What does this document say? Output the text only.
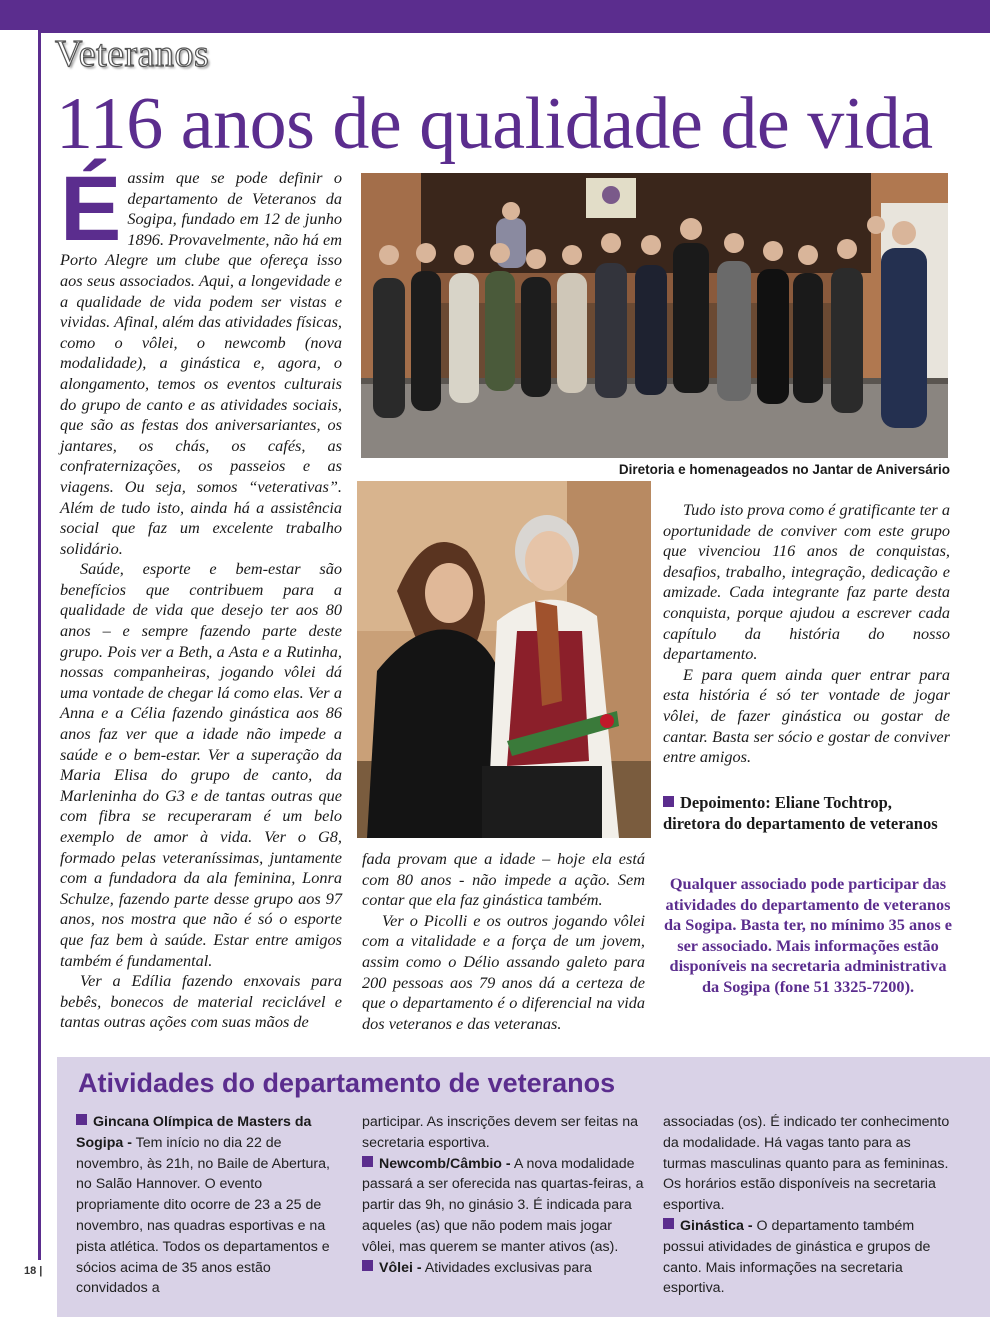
Veteranos
116 anos de qualidade de vida

Éassim que se pode definir o departamento de Veteranos da Sogipa, fundado em 12 de junho 1896. Provavelmente, não há em Porto Alegre um clube que ofereça isso aos seus associados. Aqui, a longevidade e a qualidade de vida podem ser vistas e vividas. Afinal, além das atividades físicas, como o vôlei, o newcomb (nova modalidade), a ginástica e, agora, o alongamento, temos os eventos culturais do grupo de canto e as atividades sociais, que são as festas dos aniversariantes, os jantares, os chás, os cafés, as confraternizações, os passeios e as viagens. Ou seja, somos “veterativas”. Além de tudo isto, ainda há a assistência social que faz um excelente trabalho solidário.

Saúde, esporte e bem-estar são benefícios que contribuem para a qualidade de vida que desejo ter aos 80 anos – e sempre fazendo parte deste grupo. Pois ver a Beth, a Asta e a Rutinha, nossas companheiras, jogando vôlei dá uma vontade de chegar lá como elas. Ver a Anna e a Célia fazendo ginástica aos 86 anos faz ver que a idade não impede a saúde e o bem-estar. Ver a superação da Maria Elisa do grupo de canto, da Marleninha do G3 e de tantas outras que com fibra se recuperaram é um belo exemplo de amor à vida. Ver o G8, formado pelas veteraníssimas, juntamente com a fundadora da ala feminina, Lonra Schulze, fazendo parte desse grupo aos 97 anos, nos mostra que não é só o esporte que faz bem à saúde. Estar entre amigos também é fundamental.

Ver a Edília fazendo enxovais para bebês, bonecos de material reciclável e tantas outras ações com suas mãos de

Diretoria e homenageados no Jantar de Aniversário

fada provam que a idade – hoje ela está com 80 anos - não impede a ação. Sem contar que ela faz ginástica também.

Ver o Picolli e os outros jogando vôlei com a vitalidade e a força de um jovem, assim como o Délio assando galeto para 200 pessoas aos 79 anos dá a certeza de que o departamento é o diferencial na vida dos veteranos e das veteranas.

Tudo isto prova como é gratificante ter a oportunidade de conviver com este grupo que vivenciou 116 anos de conquistas, desafios, trabalho, integração, dedicação e amizade. Cada integrante faz parte desta conquista, porque ajudou a escrever cada capítulo da história do nosso departamento.

E para quem ainda quer entrar para esta história é só ter vontade de jogar vôlei, de fazer ginástica ou gostar de cantar. Basta ser sócio e gostar de conviver entre amigos.

Depoimento: Eliane Tochtrop, diretora do departamento de veteranos
Qualquer associado pode participar das atividades do departamento de veteranos da Sogipa. Basta ter, no mínimo 35 anos e ser associado. Mais informações estão disponíveis na secretaria administrativa da Sogipa (fone 51 3325-7200).
Atividades do departamento de veteranos
Gincana Olímpica de Masters da Sogipa - Tem início no dia 22 de novembro, às 21h, no Baile de Abertura, no Salão Hannover. O evento propriamente dito ocorre de 23 a 25 de novembro, nas quadras esportivas e na pista atlética. Todos os departamentos e sócios acima de 35 anos estão convidados a
participar. As inscrições devem ser feitas na secretaria esportiva.
Newcomb/Câmbio - A nova modalidade passará a ser oferecida nas quartas-feiras, a partir das 9h, no ginásio 3. É indicada para aqueles (as) que não podem mais jogar vôlei, mas querem se manter ativos (as).
Vôlei - Atividades exclusivas para
associadas (os). É indicado ter conhecimento da modalidade. Há vagas tanto para as turmas masculinas quanto para as femininas. Os horários estão disponíveis na secretaria esportiva.
Ginástica - O departamento também possui atividades de ginástica e grupos de canto. Mais informações na secretaria esportiva.
18 |
